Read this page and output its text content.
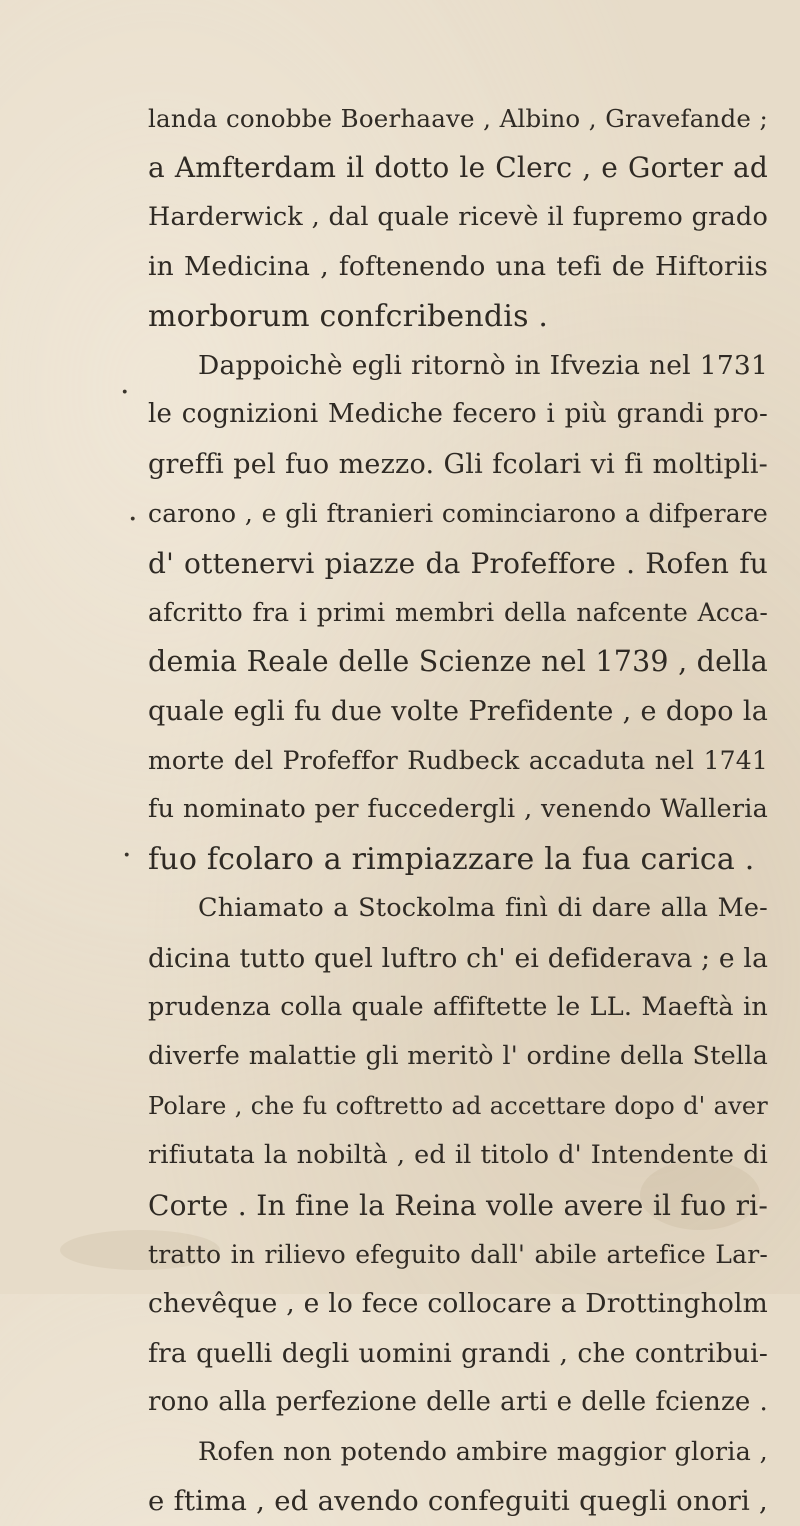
·
·
·
landa conobbe Boerhaave , Albino , Gravefande ;
a Amfterdam il dotto le Clerc , e Gorter ad
Harderwick , dal quale ricevè il fupremo grado
in Medicina , foftenendo una tefi de Hiftoriis
morborum confcribendis .
Dappoichè egli ritornò in Ifvezia nel 1731
le cognizioni Mediche fecero i più grandi pro-
greffi pel fuo mezzo. Gli fcolari vi fi moltipli-
carono , e gli ftranieri cominciarono a difperare
d' ottenervi piazze da Profeffore . Rofen fu
afcritto fra i primi membri della nafcente Acca-
demia Reale delle Scienze nel 1739 , della
quale egli fu due volte Prefidente , e dopo la
morte del Profeffor Rudbeck accaduta nel 1741
fu nominato per fuccedergli , venendo Walleria
fuo fcolaro a rimpiazzare la fua carica .
Chiamato a Stockolma finì di dare alla Me-
dicina tutto quel luftro ch' ei defiderava ; e la
prudenza colla quale affiftette le LL. Maeftà in
diverfe malattie gli meritò l' ordine della Stella
Polare , che fu coftretto ad accettare dopo d' aver
rifiutata la nobiltà , ed il titolo d' Intendente di
Corte . In fine la Reina volle avere il fuo ri-
tratto in rilievo efeguito dall' abile artefice Lar-
chevêque , e lo fece collocare a Drottingholm
fra quelli degli uomini grandi , che contribui-
rono alla perfezione delle arti e delle fcienze .
Rofen non potendo ambire maggior gloria ,
e ftima , ed avendo confeguiti quegli onori ,
